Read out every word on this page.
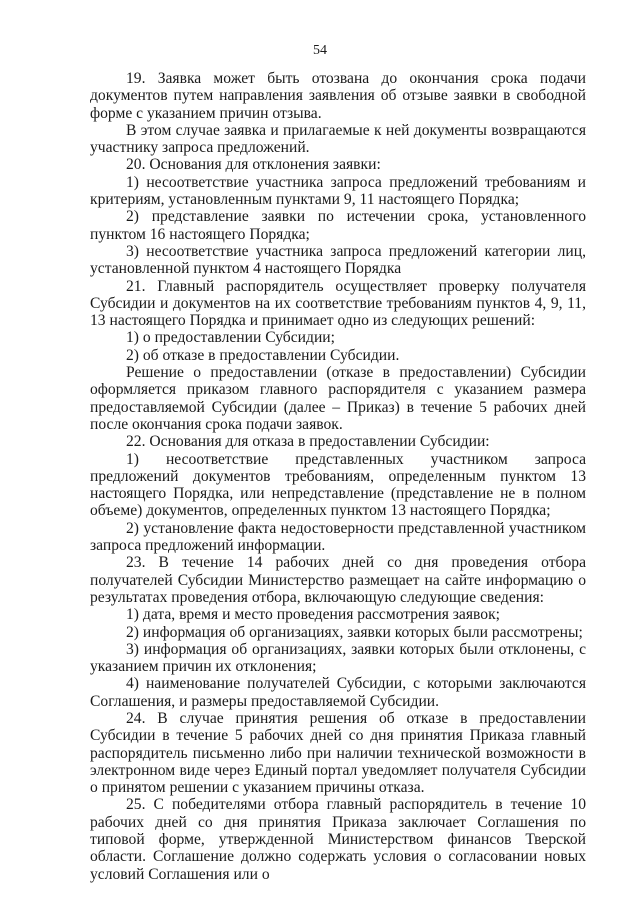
54

19. Заявка может быть отозвана до окончания срока подачи документов путем направления заявления об отзыве заявки в свободной форме с указанием причин отзыва.

В этом случае заявка и прилагаемые к ней документы возвращаются участнику запроса предложений.

20. Основания для отклонения заявки:

1) несоответствие участника запроса предложений требованиям и критериям, установленным пунктами 9, 11 настоящего Порядка;

2) представление заявки по истечении срока, установленного пунктом 16 настоящего Порядка;

3) несоответствие участника запроса предложений категории лиц, установленной пунктом 4 настоящего Порядка

21. Главный распорядитель осуществляет проверку получателя Субсидии и документов на их соответствие требованиям пунктов 4, 9, 11, 13 настоящего Порядка и принимает одно из следующих решений:

1) о предоставлении Субсидии;

2) об отказе в предоставлении Субсидии.

Решение о предоставлении (отказе в предоставлении) Субсидии оформляется приказом главного распорядителя с указанием размера предоставляемой Субсидии (далее – Приказ) в течение 5 рабочих дней после окончания срока подачи заявок.

22. Основания для отказа в предоставлении Субсидии:

1) несоответствие представленных участником запроса предложений документов требованиям, определенным пунктом 13 настоящего Порядка, или непредставление (представление не в полном объеме) документов, определенных пунктом 13 настоящего Порядка;

2) установление факта недостоверности представленной участником запроса предложений информации.

23. В течение 14 рабочих дней со дня проведения отбора получателей Субсидии Министерство размещает на сайте информацию о результатах проведения отбора, включающую следующие сведения:

1) дата, время и место проведения рассмотрения заявок;

2) информация об организациях, заявки которых были рассмотрены;

3) информация об организациях, заявки которых были отклонены, с указанием причин их отклонения;

4) наименование получателей Субсидии, с которыми заключаются Соглашения, и размеры предоставляемой Субсидии.

24. В случае принятия решения об отказе в предоставлении Субсидии в течение 5 рабочих дней со дня принятия Приказа главный распорядитель письменно либо при наличии технической возможности в электронном виде через Единый портал уведомляет получателя Субсидии о принятом решении с указанием причины отказа.

25. С победителями отбора главный распорядитель в течение 10 рабочих дней со дня принятия Приказа заключает Соглашения по типовой форме, утвержденной Министерством финансов Тверской области. Соглашение должно содержать условия о согласовании новых условий Соглашения или о
